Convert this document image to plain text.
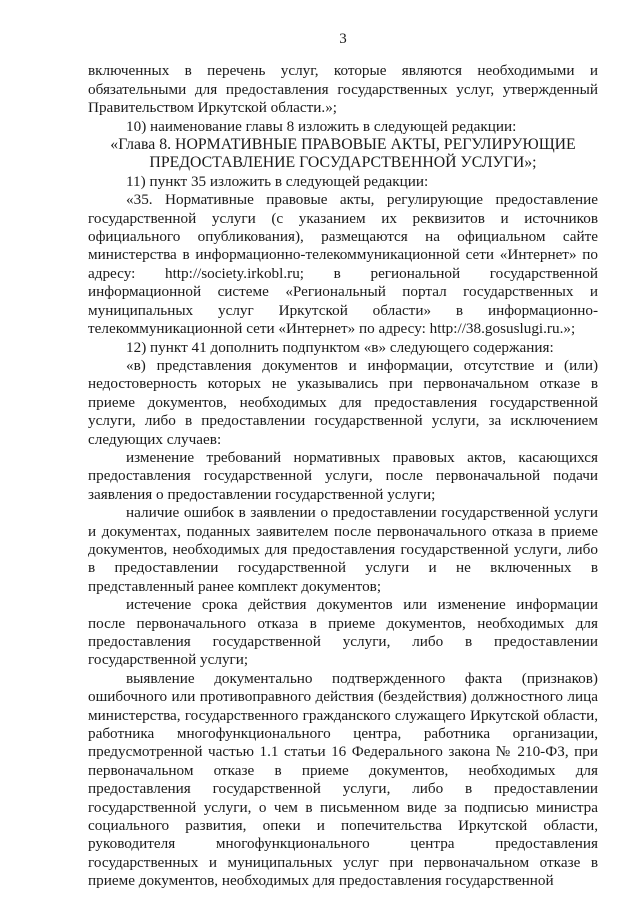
3

включенных в перечень услуг, которые являются необходимыми и обязательными для предоставления государственных услуг, утвержденный Правительством Иркутской области.»;

10) наименование главы 8 изложить в следующей редакции:

«Глава 8. НОРМАТИВНЫЕ ПРАВОВЫЕ АКТЫ, РЕГУЛИРУЮЩИЕ ПРЕДОСТАВЛЕНИЕ ГОСУДАРСТВЕННОЙ УСЛУГИ»;

11) пункт 35 изложить в следующей редакции:

«35. Нормативные правовые акты, регулирующие предоставление государственной услуги (с указанием их реквизитов и источников официального опубликования), размещаются на официальном сайте министерства в информационно-телекоммуникационной сети «Интернет» по адресу: http://society.irkobl.ru; в региональной государственной информационной системе «Региональный портал государственных и муниципальных услуг Иркутской области» в информационно-телекоммуникационной сети «Интернет» по адресу: http://38.gosuslugi.ru.»;

12) пункт 41 дополнить подпунктом «в» следующего содержания:

«в) представления документов и информации, отсутствие и (или) недостоверность которых не указывались при первоначальном отказе в приеме документов, необходимых для предоставления государственной услуги, либо в предоставлении государственной услуги, за исключением следующих случаев:

изменение требований нормативных правовых актов, касающихся предоставления государственной услуги, после первоначальной подачи заявления о предоставлении государственной услуги;

наличие ошибок в заявлении о предоставлении государственной услуги и документах, поданных заявителем после первоначального отказа в приеме документов, необходимых для предоставления государственной услуги, либо в предоставлении государственной услуги и не включенных в представленный ранее комплект документов;

истечение срока действия документов или изменение информации после первоначального отказа в приеме документов, необходимых для предоставления государственной услуги, либо в предоставлении государственной услуги;

выявление документально подтвержденного факта (признаков) ошибочного или противоправного действия (бездействия) должностного лица министерства, государственного гражданского служащего Иркутской области, работника многофункционального центра, работника организации, предусмотренной частью 1.1 статьи 16 Федерального закона № 210-ФЗ, при первоначальном отказе в приеме документов, необходимых для предоставления государственной услуги, либо в предоставлении государственной услуги, о чем в письменном виде за подписью министра социального развития, опеки и попечительства Иркутской области, руководителя многофункционального центра предоставления государственных и муниципальных услуг при первоначальном отказе в приеме документов, необходимых для предоставления государственной
